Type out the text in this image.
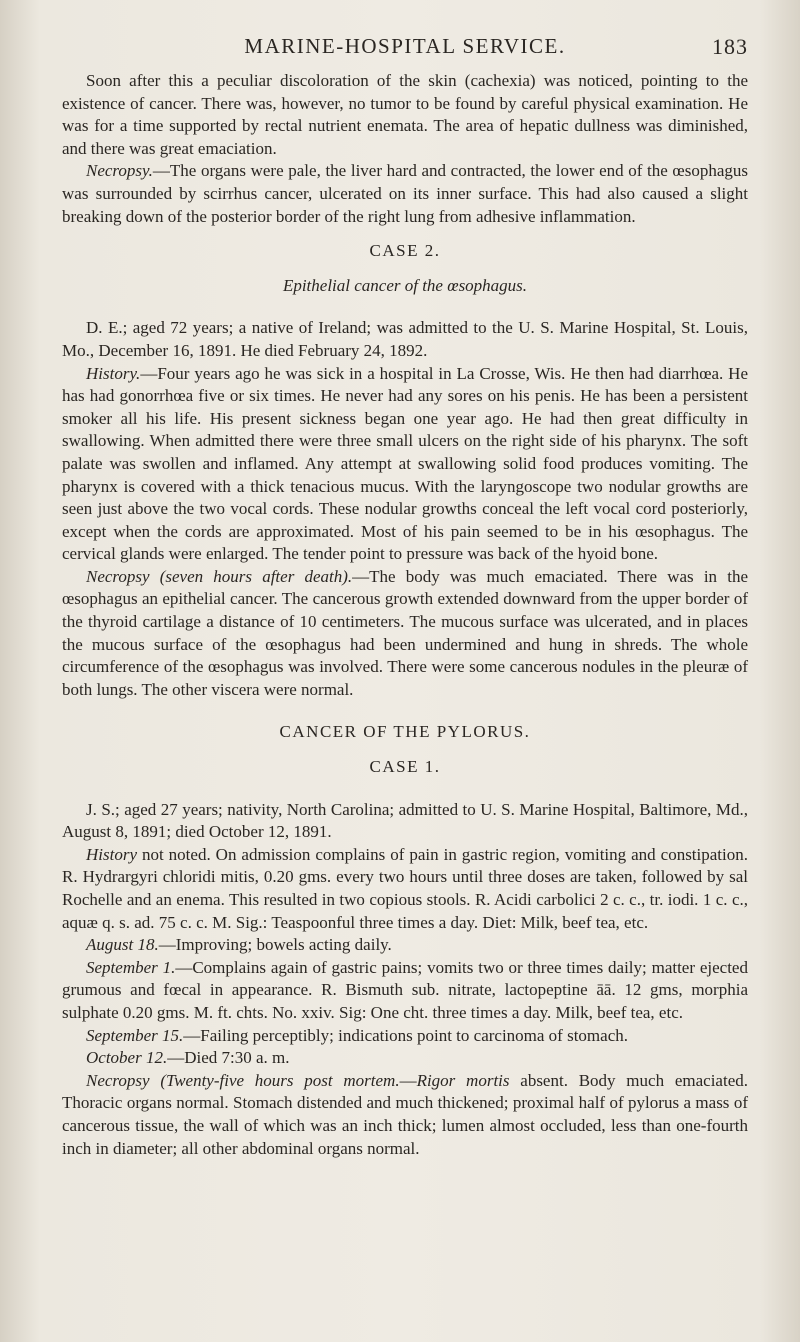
MARINE-HOSPITAL SERVICE.	183

Soon after this a peculiar discoloration of the skin (cachexia) was noticed, pointing to the existence of cancer. There was, however, no tumor to be found by careful physical examination. He was for a time supported by rectal nutrient enemata. The area of hepatic dullness was diminished, and there was great emaciation.

Necropsy.—The organs were pale, the liver hard and contracted, the lower end of the œsophagus was surrounded by scirrhus cancer, ulcerated on its inner surface. This had also caused a slight breaking down of the posterior border of the right lung from adhesive inflammation.

CASE 2.

Epithelial cancer of the œsophagus.

D. E.; aged 72 years; a native of Ireland; was admitted to the U. S. Marine Hospital, St. Louis, Mo., December 16, 1891. He died February 24, 1892.

History.—Four years ago he was sick in a hospital in La Crosse, Wis. He then had diarrhœa. He has had gonorrhœa five or six times. He never had any sores on his penis. He has been a persistent smoker all his life. His present sickness began one year ago. He had then great difficulty in swallowing. When admitted there were three small ulcers on the right side of his pharynx. The soft palate was swollen and inflamed. Any attempt at swallowing solid food produces vomiting. The pharynx is covered with a thick tenacious mucus. With the laryngoscope two nodular growths are seen just above the two vocal cords. These nodular growths conceal the left vocal cord posteriorly, except when the cords are approximated. Most of his pain seemed to be in his œsophagus. The cervical glands were enlarged. The tender point to pressure was back of the hyoid bone.

Necropsy (seven hours after death).—The body was much emaciated. There was in the œsophagus an epithelial cancer. The cancerous growth extended downward from the upper border of the thyroid cartilage a distance of 10 centimeters. The mucous surface was ulcerated, and in places the mucous surface of the œsophagus had been undermined and hung in shreds. The whole circumference of the œsophagus was involved. There were some cancerous nodules in the pleuræ of both lungs. The other viscera were normal.

CANCER OF THE PYLORUS.

CASE 1.

J. S.; aged 27 years; nativity, North Carolina; admitted to U. S. Marine Hospital, Baltimore, Md., August 8, 1891; died October 12, 1891.

History not noted. On admission complains of pain in gastric region, vomiting and constipation. R. Hydrargyri chloridi mitis, 0.20 gms. every two hours until three doses are taken, followed by sal Rochelle and an enema. This resulted in two copious stools. R. Acidi carbolici 2 c. c., tr. iodi. 1 c. c., aquæ q. s. ad. 75 c. c. M. Sig.: Teaspoonful three times a day. Diet: Milk, beef tea, etc.

August 18.—Improving; bowels acting daily.

September 1.—Complains again of gastric pains; vomits two or three times daily; matter ejected grumous and fœcal in appearance. R. Bismuth sub. nitrate, lactopeptine āā. 12 gms, morphia sulphate 0.20 gms. M. ft. chts. No. xxiv. Sig: One cht. three times a day. Milk, beef tea, etc.

September 15.—Failing perceptibly; indications point to carcinoma of stomach.

October 12.—Died 7:30 a. m.

Necropsy (Twenty-five hours post mortem.—Rigor mortis absent. Body much emaciated. Thoracic organs normal. Stomach distended and much thickened; proximal half of pylorus a mass of cancerous tissue, the wall of which was an inch thick; lumen almost occluded, less than one-fourth inch in diameter; all other abdominal organs normal.
